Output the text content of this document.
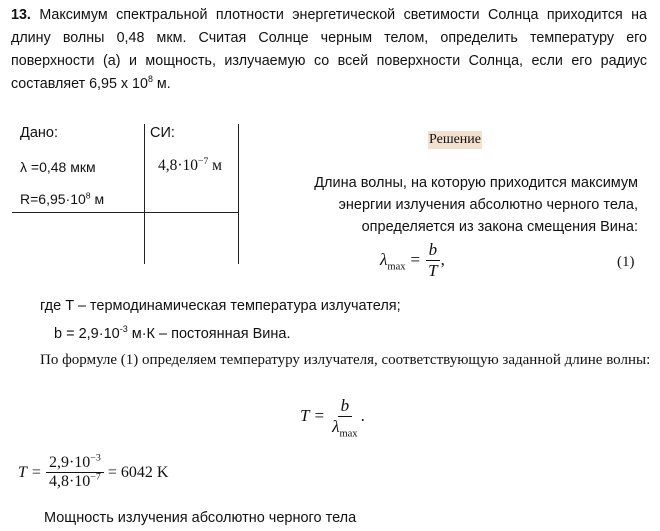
13. Максимум спектральной плотности энергетической светимости Солнца приходится на длину волны 0,48 мкм. Считая Солнце черным телом, определить температуру его поверхности (а) и мощность, излучаемую со всей поверхности Солнца, если его радиус составляет 6,95 х $10^8$ м.
Дано:	СИ:
λ =0,48 мкм	$4,8\cdot 10^{-7}$ м
$R=6,95\cdot 10^8$ м
Решение
Длина волны, на которую приходится максимум энергии излучения абсолютно черного тела, определяется из закона смещения Вина:
$\lambda_{max} = \frac{b}{T}$ ,	(1)
где T – термодинамическая температура излучателя;
$b = 2,9\cdot 10^{-3}$ м·К – постоянная Вина.
По формуле (1) определяем температуру излучателя, соответствующую заданной длине волны:
$T = \frac{b}{\lambda_{max}}$ .
$T = \frac{2,9\cdot 10^{-3}}{4,8\cdot 10^{-7}} = 6042$ K
Мощность излучения абсолютно черного тела
